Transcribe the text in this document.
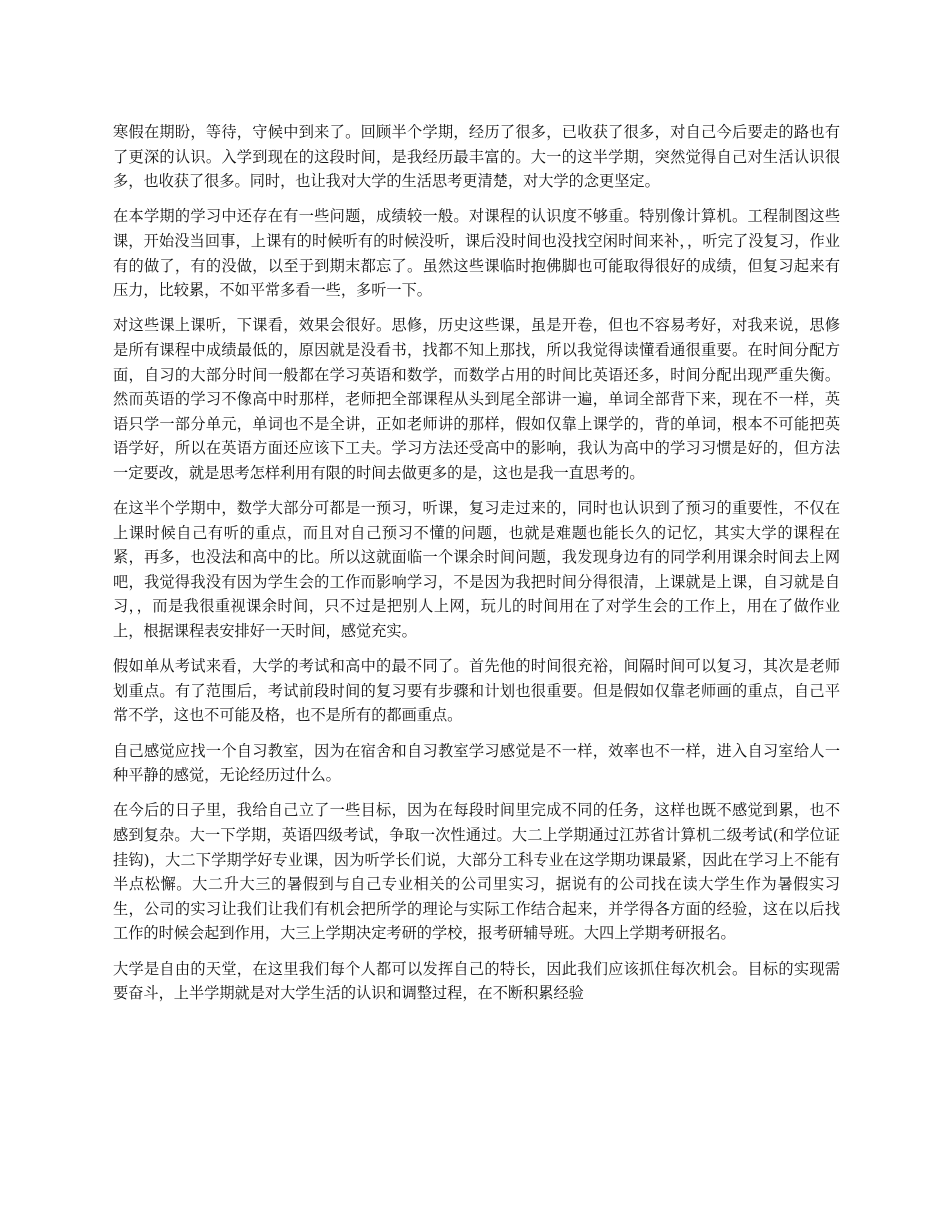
寒假在期盼，等待，守候中到来了。回顾半个学期，经历了很多，已收获了很多，对自己今后要走的路也有了更深的认识。入学到现在的这段时间，是我经历最丰富的。大一的这半学期，突然觉得自己对生活认识很多，也收获了很多。同时，也让我对大学的生活思考更清楚，对大学的念更坚定。

在本学期的学习中还存在有一些问题，成绩较一般。对课程的认识度不够重。特别像计算机。工程制图这些课，开始没当回事，上课有的时候听有的时候没听，课后没时间也没找空闲时间来补，，听完了没复习，作业有的做了，有的没做，以至于到期末都忘了。虽然这些课临时抱佛脚也可能取得很好的成绩，但复习起来有压力，比较累，不如平常多看一些，多听一下。

对这些课上课听，下课看，效果会很好。思修，历史这些课，虽是开卷，但也不容易考好，对我来说，思修是所有课程中成绩最低的，原因就是没看书，找都不知上那找，所以我觉得读懂看通很重要。在时间分配方面，自习的大部分时间一般都在学习英语和数学，而数学占用的时间比英语还多，时间分配出现严重失衡。然而英语的学习不像高中时那样，老师把全部课程从头到尾全部讲一遍，单词全部背下来，现在不一样，英语只学一部分单元，单词也不是全讲，正如老师讲的那样，假如仅靠上课学的，背的单词，根本不可能把英语学好，所以在英语方面还应该下工夫。学习方法还受高中的影响，我认为高中的学习习惯是好的，但方法一定要改，就是思考怎样利用有限的时间去做更多的是，这也是我一直思考的。

在这半个学期中，数学大部分可都是一预习，听课，复习走过来的，同时也认识到了预习的重要性，不仅在上课时候自己有听的重点，而且对自己预习不懂的问题，也就是难题也能长久的记忆，其实大学的课程在紧，再多，也没法和高中的比。所以这就面临一个课余时间问题，我发现身边有的同学利用课余时间去上网吧，我觉得我没有因为学生会的工作而影响学习，不是因为我把时间分得很清，上课就是上课，自习就是自习，，而是我很重视课余时间，只不过是把别人上网，玩儿的时间用在了对学生会的工作上，用在了做作业上，根据课程表安排好一天时间，感觉充实。

假如单从考试来看，大学的考试和高中的最不同了。首先他的时间很充裕，间隔时间可以复习，其次是老师划重点。有了范围后，考试前段时间的复习要有步骤和计划也很重要。但是假如仅靠老师画的重点，自己平常不学，这也不可能及格，也不是所有的都画重点。

自己感觉应找一个自习教室，因为在宿舍和自习教室学习感觉是不一样，效率也不一样，进入自习室给人一种平静的感觉，无论经历过什么。

在今后的日子里，我给自己立了一些目标，因为在每段时间里完成不同的任务，这样也既不感觉到累，也不感到复杂。大一下学期，英语四级考试，争取一次性通过。大二上学期通过江苏省计算机二级考试(和学位证挂钩)，大二下学期学好专业课，因为听学长们说，大部分工科专业在这学期功课最紧，因此在学习上不能有半点松懈。大二升大三的暑假到与自己专业相关的公司里实习，据说有的公司找在读大学生作为暑假实习生，公司的实习让我们让我们有机会把所学的理论与实际工作结合起来，并学得各方面的经验，这在以后找工作的时候会起到作用，大三上学期决定考研的学校，报考研辅导班。大四上学期考研报名。

大学是自由的天堂，在这里我们每个人都可以发挥自己的特长，因此我们应该抓住每次机会。目标的实现需要奋斗，上半学期就是对大学生活的认识和调整过程，在不断积累经验
